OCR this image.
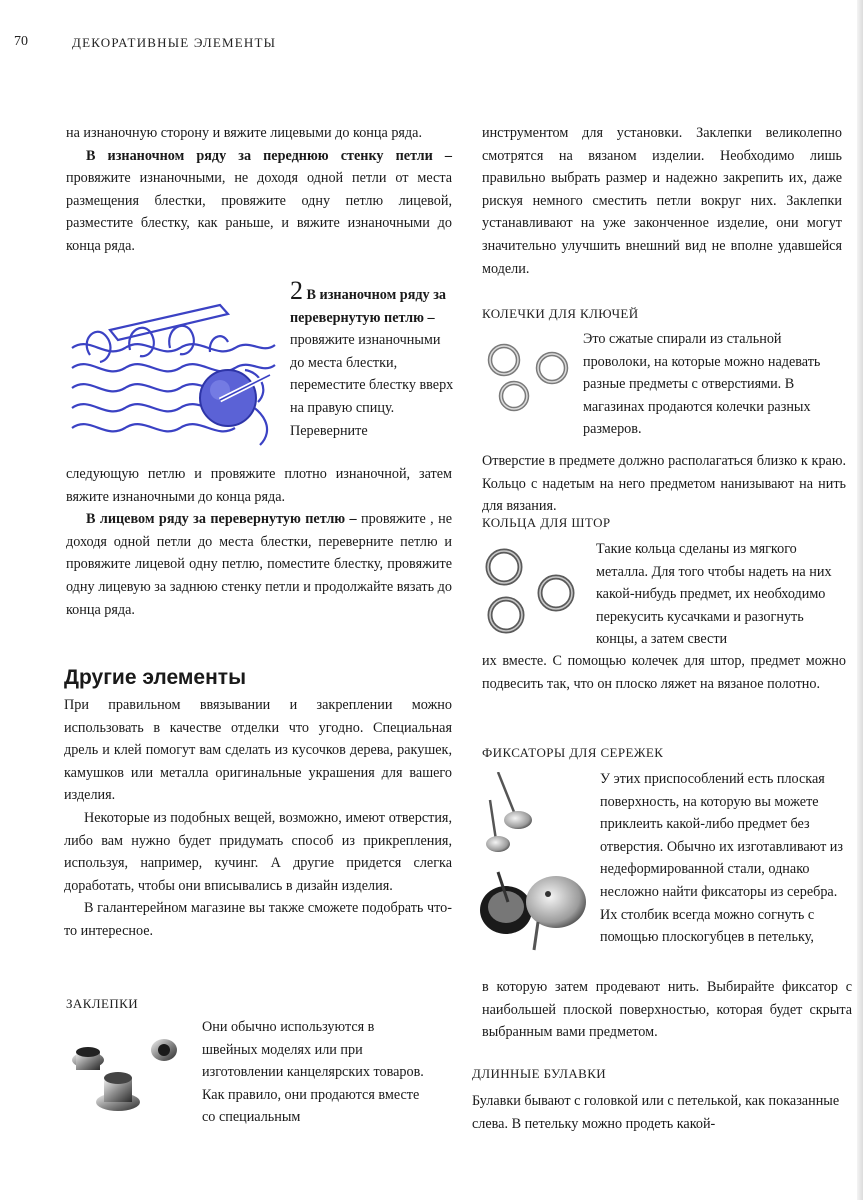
70	ДЕКОРАТИВНЫЕ ЭЛЕМЕНТЫ

на изнаночную сторону и вяжите лицевыми до конца ряда.

В изнаночном ряду за переднюю стенку петли – провяжите изнаночными, не доходя одной петли от места размещения блестки, провяжите одну петлю лицевой, разместите блестку, как раньше, и вяжите изнаночными до конца ряда.

2 В изнаночном ряду за перевернутую петлю – провяжите изнаночными до места блестки, переместите блестку вверх на правую спицу. Переверните

следующую петлю и провяжите плотно изнаночной, затем вяжите изнаночными до конца ряда.

В лицевом ряду за перевернутую петлю – провяжите , не доходя одной петли до места блестки, переверните петлю и провяжите лицевой одну петлю, поместите блестку, провяжите одну лицевую за заднюю стенку петли и продолжайте вязать до конца ряда.

Другие элементы

При правильном ввязывании и закреплении можно использовать в качестве отделки что угодно. Специальная дрель и клей помогут вам сделать из кусочков дерева, ракушек, камушков или металла оригинальные украшения для вашего изделия.

Некоторые из подобных вещей, возможно, имеют отверстия, либо вам нужно будет придумать способ из прикрепления, используя, например, кучинг. А другие придется слегка доработать, чтобы они вписывались в дизайн изделия.

В галантерейном магазине вы также сможете подобрать что-то интересное.

ЗАКЛЕПКИ

Они обычно используются в швейных моделях или при изготовлении канцелярских товаров. Как правило, они продаются вместе со специальным

инструментом для установки. Заклепки великолепно смотрятся на вязаном изделии. Необходимо лишь правильно выбрать размер и надежно закрепить их, даже рискуя немного сместить петли вокруг них. Заклепки устанавливают на уже законченное изделие, они могут значительно улучшить внешний вид не вполне удавшейся модели.

КОЛЕЧКИ ДЛЯ КЛЮЧЕЙ

Это сжатые спирали из стальной проволоки, на которые можно надевать разные предметы с отверстиями. В магазинах продаются колечки разных размеров.

Отверстие в предмете должно располагаться близко к краю. Кольцо с надетым на него предметом нанизывают на нить для вязания.

КОЛЬЦА ДЛЯ ШТОР

Такие кольца сделаны из мягкого металла. Для того чтобы надеть на них какой-нибудь предмет, их необходимо перекусить кусачками и разогнуть концы, а затем свести

их вместе. С помощью колечек для штор, предмет можно подвесить так, что он плоско ляжет на вязаное полотно.

ФИКСАТОРЫ ДЛЯ СЕРЕЖЕК

У этих приспособлений есть плоская поверхность, на которую вы можете приклеить какой-либо предмет без отверстия. Обычно их изготавливают из недеформированной стали, однако несложно найти фиксаторы из серебра. Их столбик всегда можно согнуть с помощью плоскогубцев в петельку,

в которую затем продевают нить. Выбирайте фиксатор с наибольшей плоской поверхностью, которая будет скрыта выбранным вами предметом.

ДЛИННЫЕ БУЛАВКИ

Булавки бывают с головкой или с петелькой, как показанные слева. В петельку можно продеть какой-
